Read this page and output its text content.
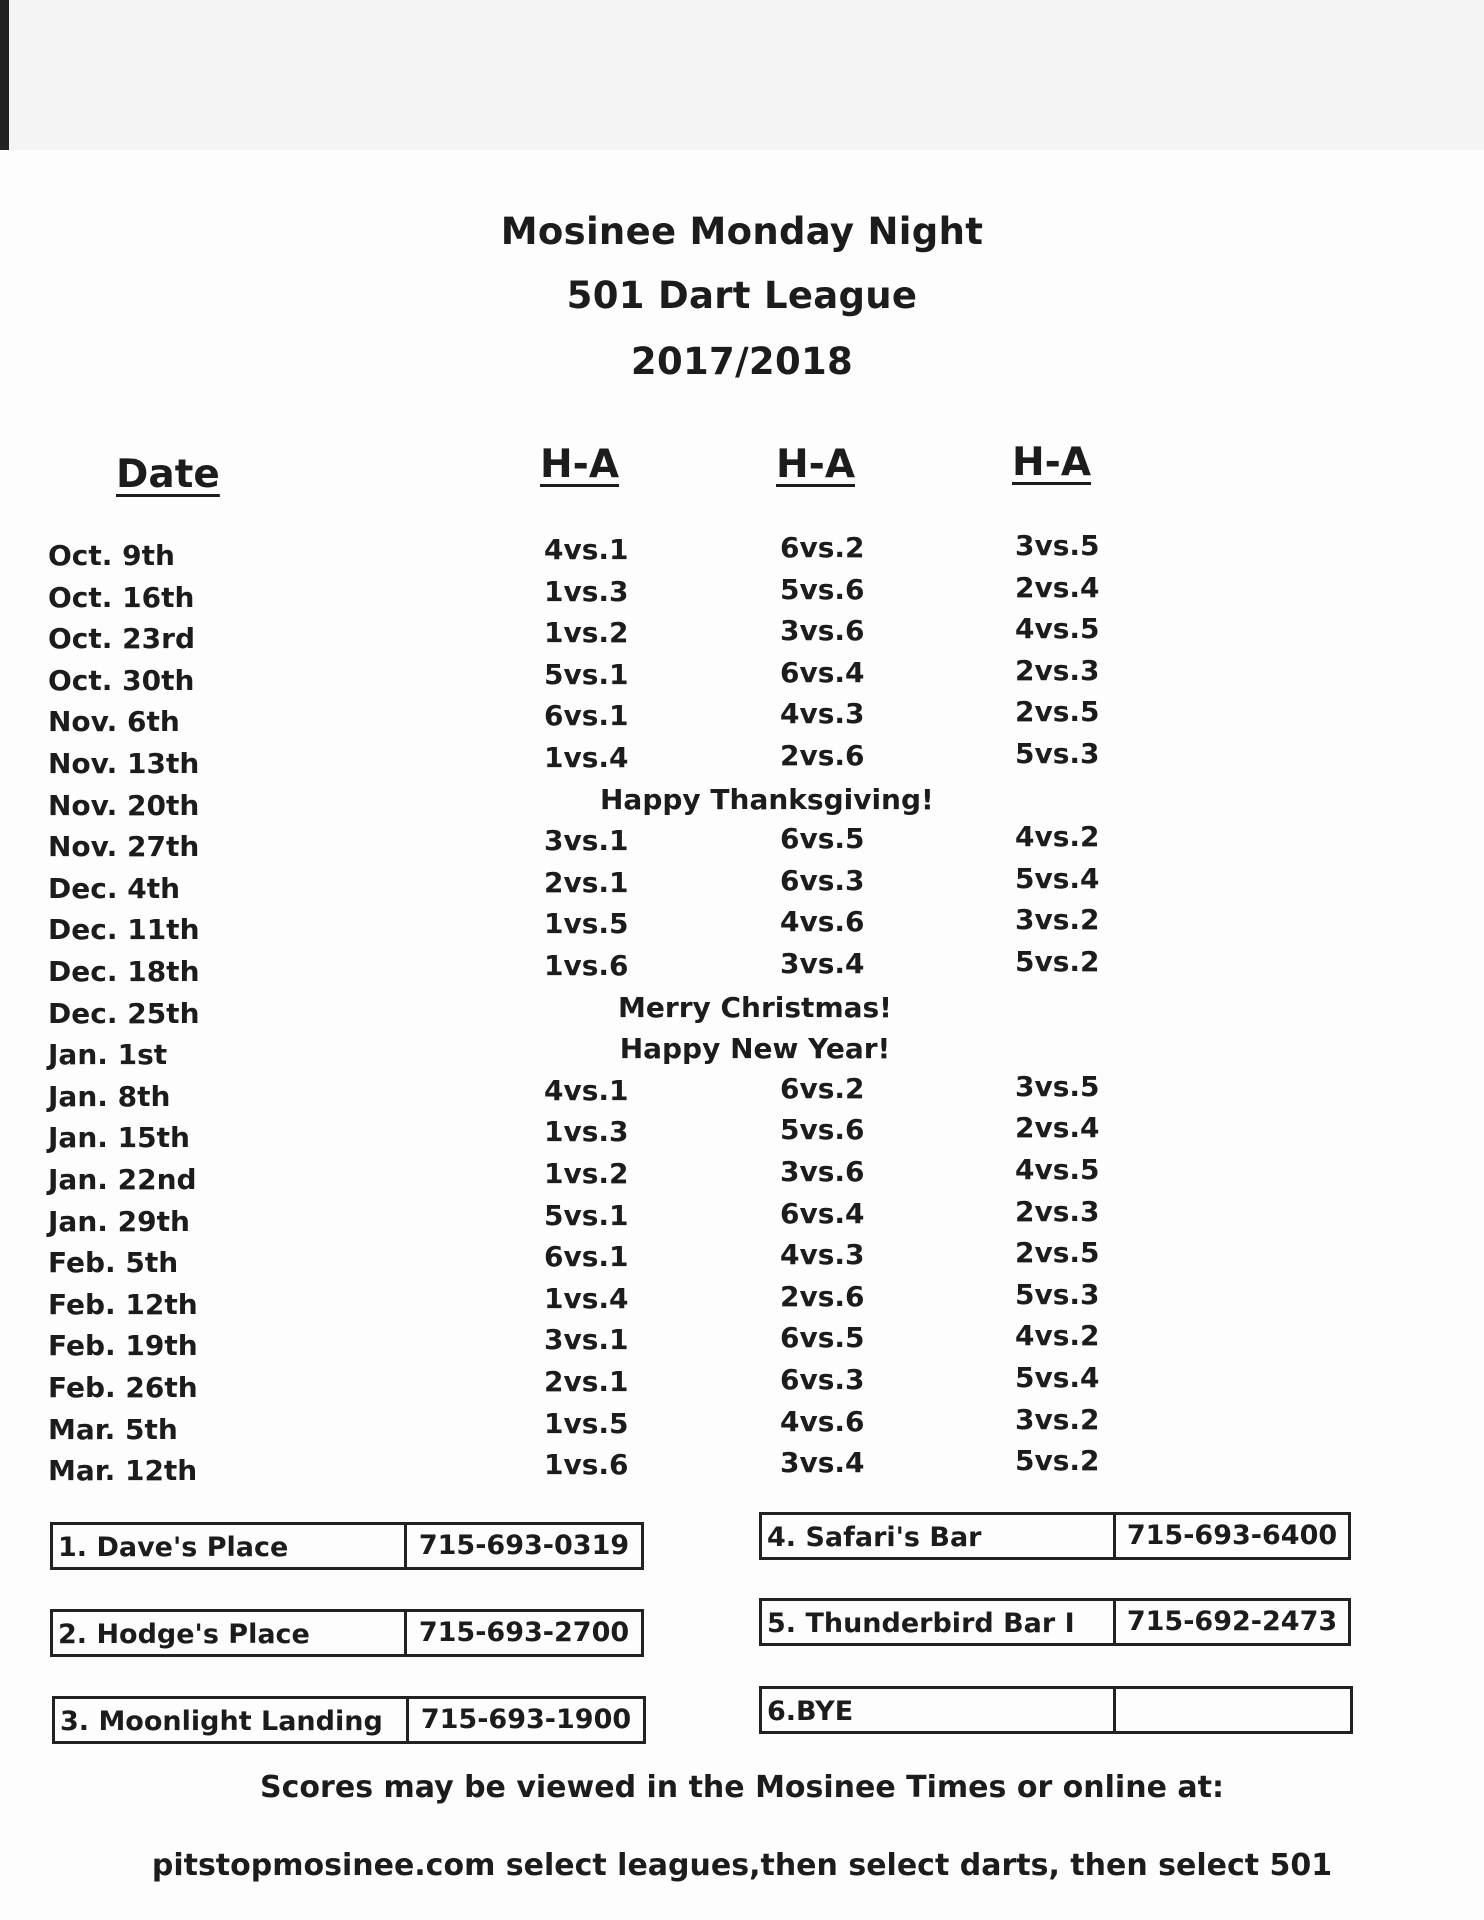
Mosinee Monday Night
501 Dart League
2017/2018
Date	H-A	H-A	H-A
Oct. 9th	4vs.1	6vs.2	3vs.5
Oct. 16th	1vs.3	5vs.6	2vs.4
Oct. 23rd	1vs.2	3vs.6	4vs.5
Oct. 30th	5vs.1	6vs.4	2vs.3
Nov. 6th	6vs.1	4vs.3	2vs.5
Nov. 13th	1vs.4	2vs.6	5vs.3
Nov. 20th	Happy Thanksgiving!
Nov. 27th	3vs.1	6vs.5	4vs.2
Dec. 4th	2vs.1	6vs.3	5vs.4
Dec. 11th	1vs.5	4vs.6	3vs.2
Dec. 18th	1vs.6	3vs.4	5vs.2
Dec. 25th	Merry Christmas!
Jan. 1st	Happy New Year!
Jan. 8th	4vs.1	6vs.2	3vs.5
Jan. 15th	1vs.3	5vs.6	2vs.4
Jan. 22nd	1vs.2	3vs.6	4vs.5
Jan. 29th	5vs.1	6vs.4	2vs.3
Feb. 5th	6vs.1	4vs.3	2vs.5
Feb. 12th	1vs.4	2vs.6	5vs.3
Feb. 19th	3vs.1	6vs.5	4vs.2
Feb. 26th	2vs.1	6vs.3	5vs.4
Mar. 5th	1vs.5	4vs.6	3vs.2
Mar. 12th	1vs.6	3vs.4	5vs.2
1. Dave's Place	715-693-0319
2. Hodge's Place	715-693-2700
3. Moonlight Landing	715-693-1900
4. Safari's Bar	715-693-6400
5. Thunderbird Bar I	715-692-2473
6.BYE
Scores may be viewed in the Mosinee Times or online at:
pitstopmosinee.com select leagues,then select darts, then select 501
